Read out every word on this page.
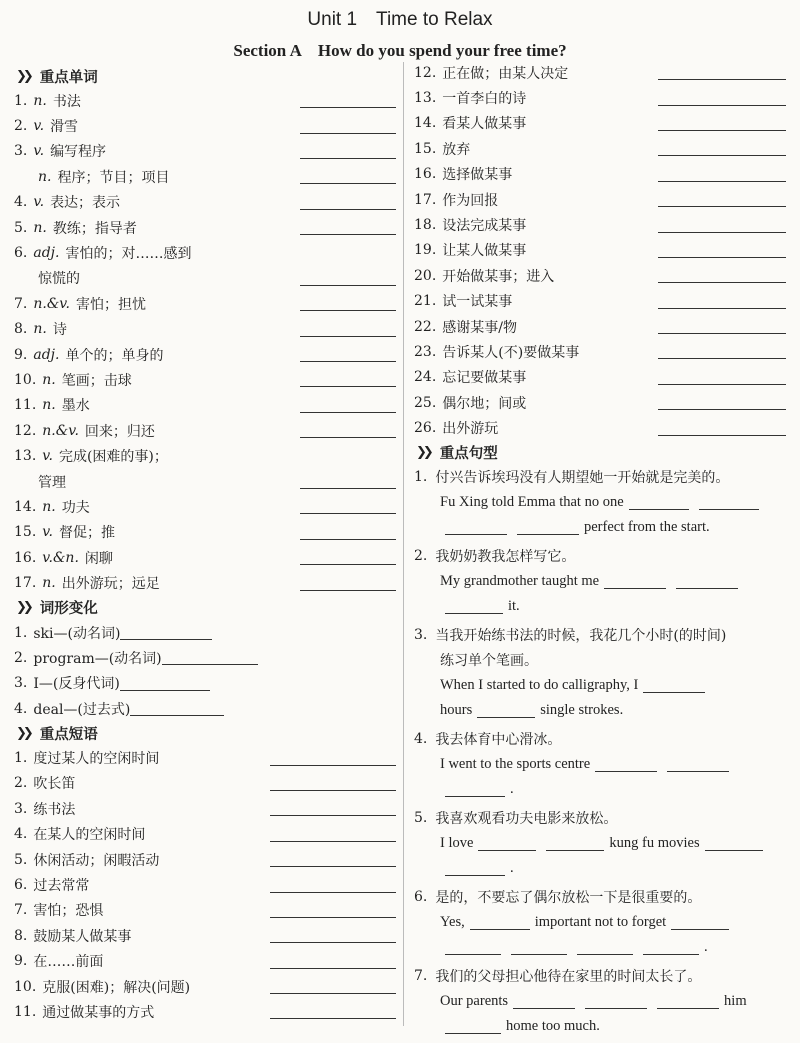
Unit 1　Time to Relax
Section A　How do you spend your free time?
❯❯ 重点单词
1. n. 书法
2. v. 滑雪
3. v. 编写程序
n. 程序；节目；项目
4. v. 表达；表示
5. n. 教练；指导者
6. adj. 害怕的；对……感到
惊慌的
7. n.&v. 害怕；担忧
8. n. 诗
9. adj. 单个的；单身的
10. n. 笔画；击球
11. n. 墨水
12. n.&v. 回来；归还
13. v. 完成(困难的事)；
管理
14. n. 功夫
15. v. 督促；推
16. v.&n. 闲聊
17. n. 出外游玩；远足
❯❯ 词形变化
1. ski—(动名词)
2. program—(动名词)
3. I—(反身代词)
4. deal—(过去式)
❯❯ 重点短语
1. 度过某人的空闲时间
2. 吹长笛
3. 练书法
4. 在某人的空闲时间
5. 休闲活动；闲暇活动
6. 过去常常
7. 害怕；恐惧
8. 鼓励某人做某事
9. 在……前面
10. 克服(困难)；解决(问题)
11. 通过做某事的方式
12. 正在做；由某人决定
13. 一首李白的诗
14. 看某人做某事
15. 放弃
16. 选择做某事
17. 作为回报
18. 设法完成某事
19. 让某人做某事
20. 开始做某事；进入
21. 试一试某事
22. 感谢某事/物
23. 告诉某人(不)要做某事
24. 忘记要做某事
25. 偶尔地；间或
26. 出外游玩
❯❯ 重点句型
1. 付兴告诉埃玛没有人期望她一开始就是完美的。
Fu Xing told Emma that no one
perfect from the start.
2. 我奶奶教我怎样写它。
My grandmother taught me
it.
3. 当我开始练书法的时候，我花几个小时(的时间)
练习单个笔画。
When I started to do calligraphy, I
hours	single strokes.
4. 我去体育中心滑冰。
I went to the sports centre
.
5. 我喜欢观看功夫电影来放松。
I love	kung fu movies
.
6. 是的，不要忘了偶尔放松一下是很重要的。
Yes,	important not to forget
.
7. 我们的父母担心他待在家里的时间太长了。
Our parents	him
home too much.
